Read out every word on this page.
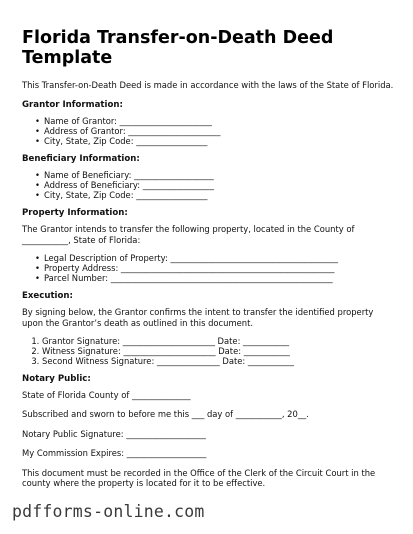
Florida Transfer-on-Death Deed Template

This Transfer-on-Death Deed is made in accordance with the laws of the State of Florida.

Grantor Information:
• Name of Grantor: ______________________
• Address of Grantor: ______________________
• City, State, Zip Code: _________________
Beneficiary Information:
• Name of Beneficiary: ___________________
• Address of Beneficiary: _________________
• City, State, Zip Code: _________________
Property Information:

The Grantor intends to transfer the following property, located in the County of ___________, State of Florida:

• Legal Description of Property: ________________________________________
• Property Address: ___________________________________________________
• Parcel Number: _____________________________________________________
Execution:

By signing below, the Grantor confirms the intent to transfer the identified property upon the Grantor’s death as outlined in this document.

1. Grantor Signature: ______________________ Date: ___________
2. Witness Signature: ______________________ Date: ___________
3. Second Witness Signature: _______________ Date: ___________
Notary Public:

State of Florida County of ______________

Subscribed and sworn to before me this ___ day of ___________, 20__.

Notary Public Signature: ___________________

My Commission Expires: ___________________

This document must be recorded in the Office of the Clerk of the Circuit Court in the county where the property is located for it to be effective.

pdfforms-online.com
